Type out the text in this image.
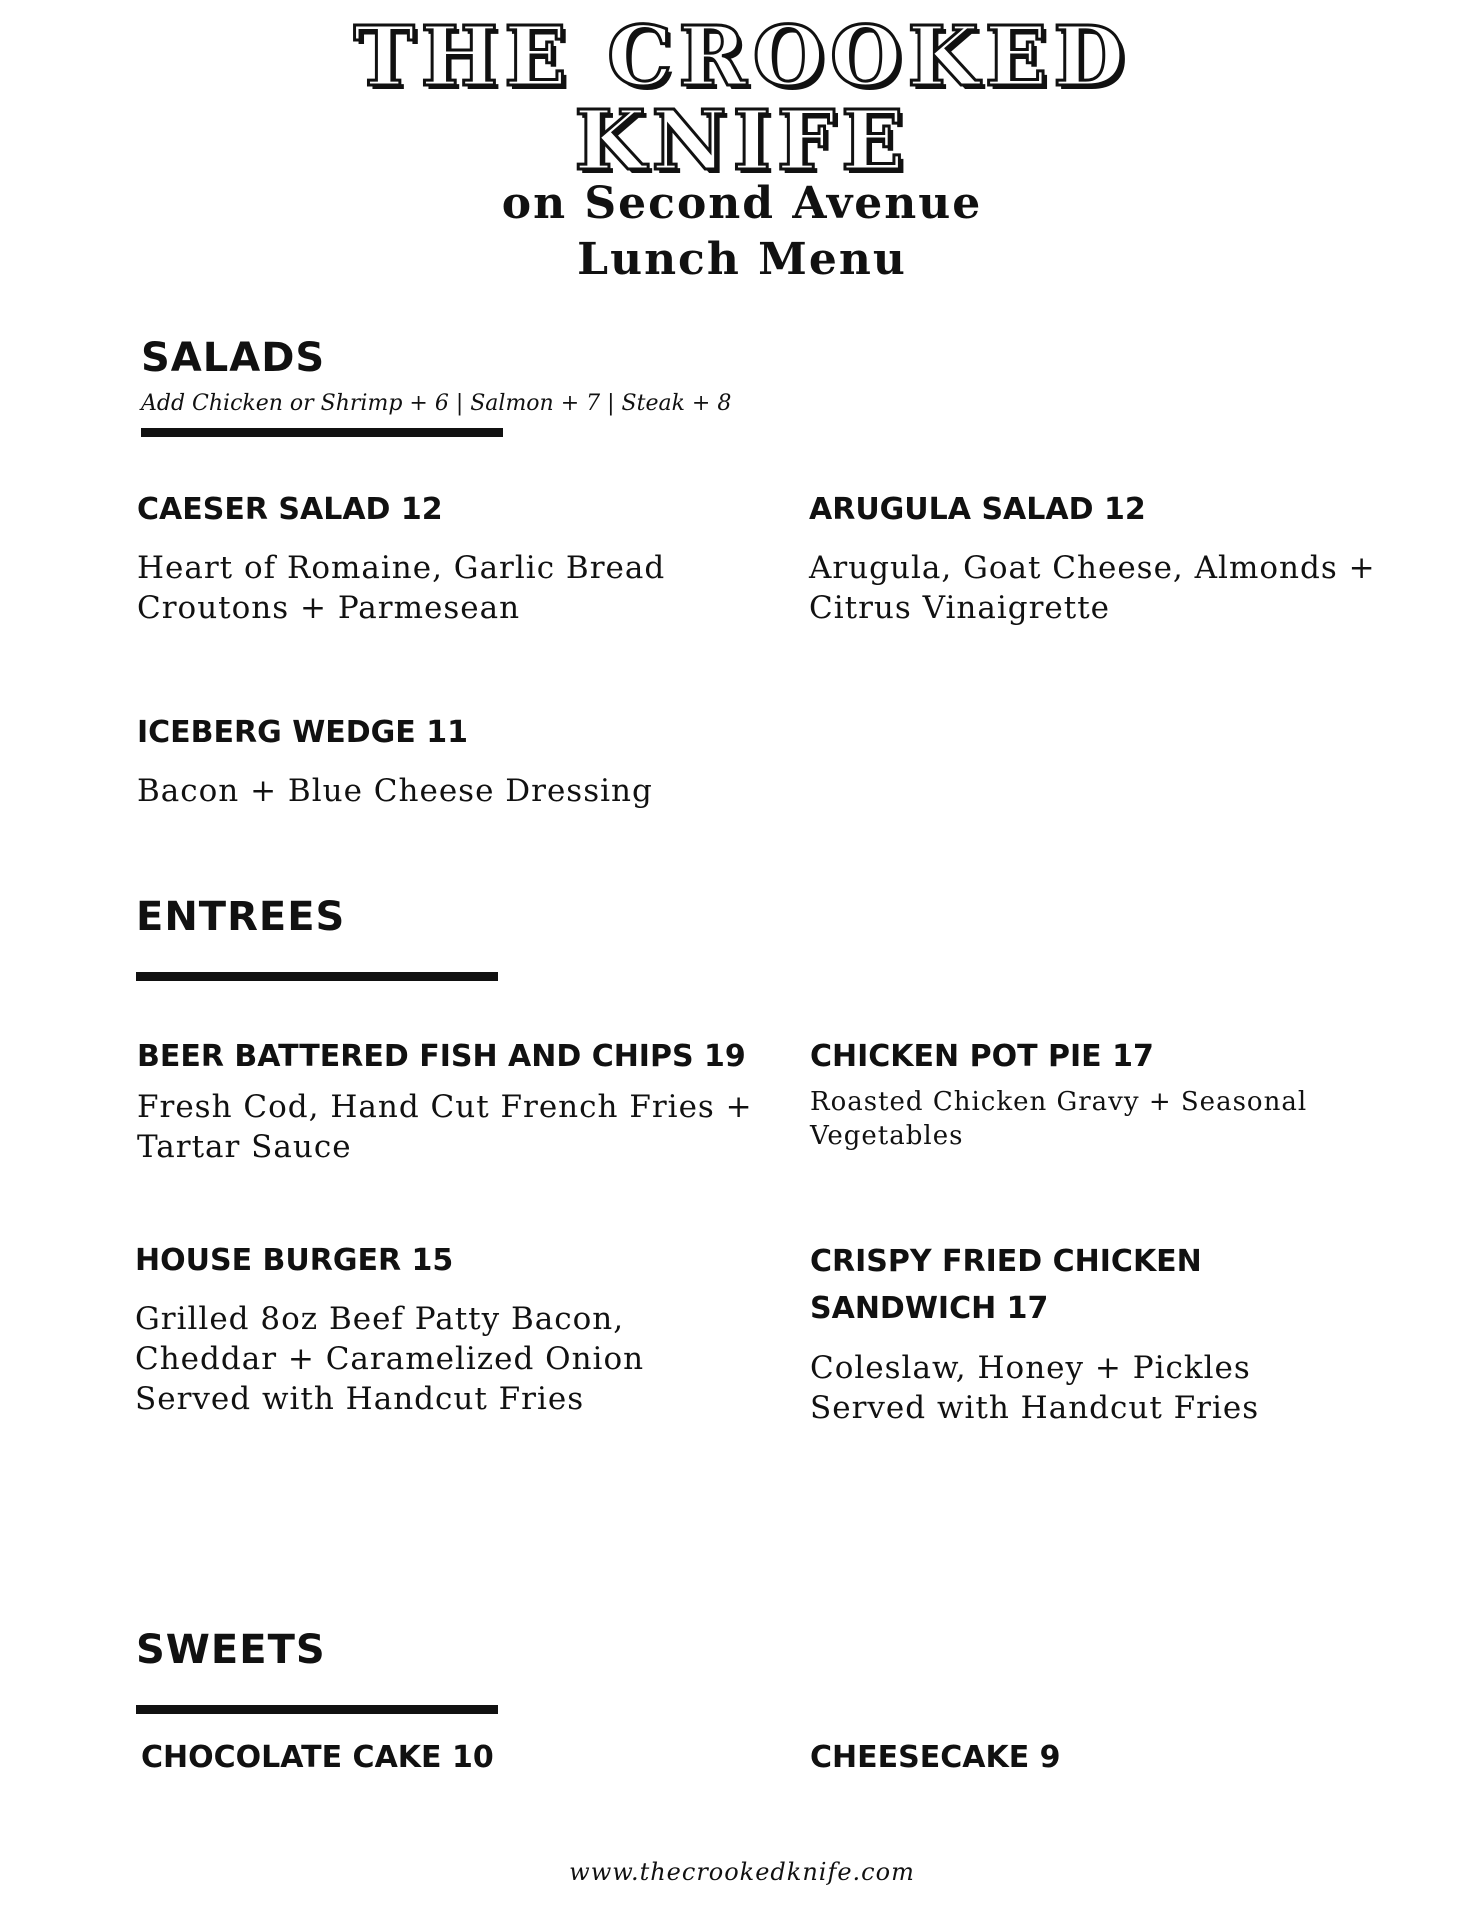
THE CROOKED
KNIFE
on Second Avenue
Lunch Menu
SALADS
Add Chicken or Shrimp + 6 | Salmon + 7 | Steak + 8
CAESER SALAD 12

Heart of Romaine, Garlic Bread
Croutons + Parmesean

ARUGULA SALAD 12

Arugula, Goat Cheese, Almonds +
Citrus Vinaigrette

ICEBERG WEDGE 11

Bacon + Blue Cheese Dressing

ENTREES
BEER BATTERED FISH AND CHIPS 19

Fresh Cod, Hand Cut French Fries +
Tartar Sauce

CHICKEN POT PIE 17

Roasted Chicken Gravy + Seasonal
Vegetables

HOUSE BURGER 15

Grilled 8oz Beef Patty Bacon,
Cheddar + Caramelized Onion
Served with Handcut Fries

CRISPY FRIED CHICKEN SANDWICH 17

Coleslaw, Honey + Pickles
Served with Handcut Fries

SWEETS
CHOCOLATE CAKE 10	CHEESECAKE 9
www.thecrookedknife.com
